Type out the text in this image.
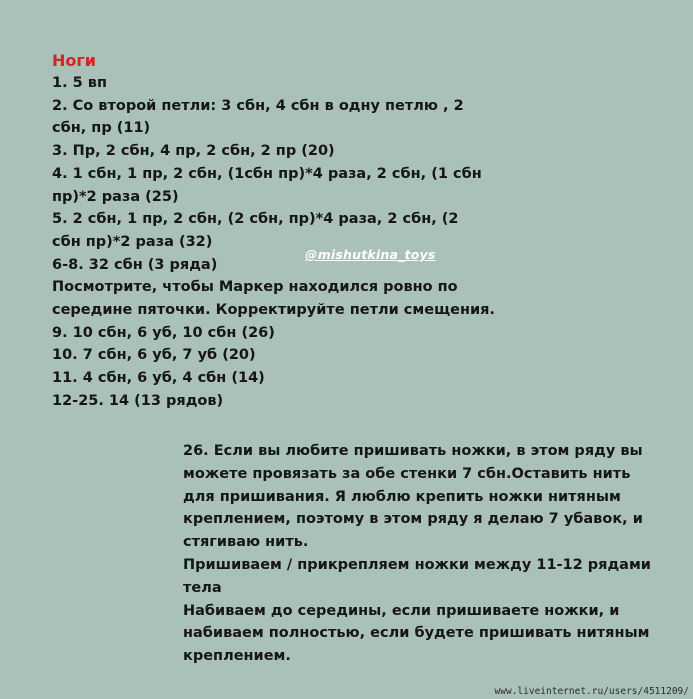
Ноги
1. 5 вп
2. Со второй петли: 3 сбн, 4 сбн в одну петлю , 2
сбн, пр (11)
3. Пр, 2 сбн, 4 пр, 2 сбн, 2 пр (20)
4. 1 сбн, 1 пр, 2 сбн, (1сбн пр)*4 раза, 2 сбн, (1 сбн
пр)*2 раза (25)
5. 2 сбн, 1 пр, 2 сбн, (2 сбн, пр)*4 раза, 2 сбн, (2
сбн пр)*2 раза (32)
6-8. 32 сбн (3 ряда)
Посмотрите, чтобы Маркер находился ровно по
середине пяточки. Корректируйте петли смещения.
9. 10 сбн, 6 уб, 10 сбн (26)
10. 7 сбн, 6 уб, 7 уб (20)
11. 4 сбн, 6 уб, 4 сбн (14)
12-25. 14 (13 рядов)
@mishutkina_toys
26. Если вы любите пришивать ножки, в этом ряду вы
можете провязать за обе стенки 7 сбн.Оставить нить
для пришивания. Я люблю крепить ножки нитяным
креплением, поэтому в этом ряду я делаю 7 убавок, и
стягиваю нить.
Пришиваем / прикрепляем ножки между 11-12 рядами
тела
Набиваем до середины, если пришиваете ножки, и
набиваем полностью, если будете пришивать нитяным
креплением.
www.liveinternet.ru/users/4511209/
